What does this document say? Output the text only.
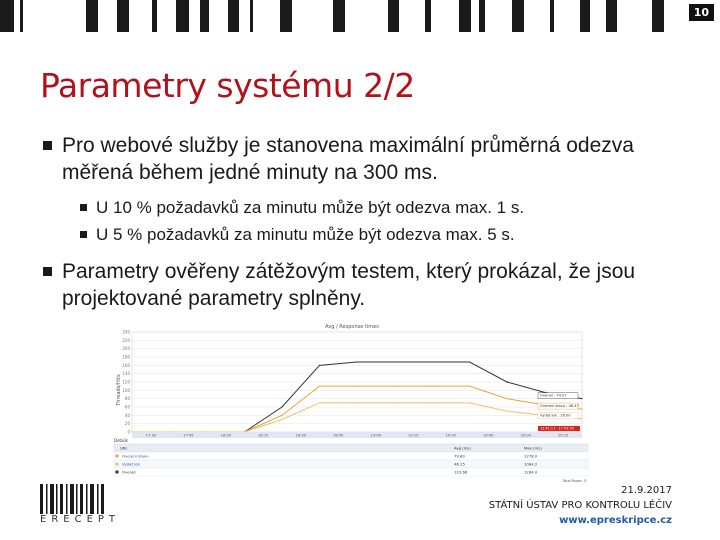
10
Parametry systému 2/2
Pro webové služby je stanovena maximální průměrná odezva měřená během jedné minuty na 300 ms.
U 10 % požadavků za minutu může být odezva max. 1 s.
U 5 % požadavků za minutu může být odezva max. 5 s.
Parametry ověřeny zátěžovým testem, který prokázal, že jsou projektované parametry splněny.
Avg / Response times
Threads/Hits
0
20
40
60
80
100
120
140
160
180
200
220
240
17:30	17:45	18:00	18:15	18:30	18:45	19:00	19:15	19:30	19:45	20:00	20:15
Overall : 74.07
Overeni stavu : 48.47
Vydat lek : 26.00
12:41:11 : 17:59:50
Details
URL	Avg (ms)	Max (ms)
Overeni stavu	79.80	1278.0
Vydat lek	46.15	1084.2
Overall	123.66	1284.0
Total Rows: 3
ERECEPT
21.9.2017
STÁTNÍ ÚSTAV PRO KONTROLU LÉČIV
www.epreskripce.cz
